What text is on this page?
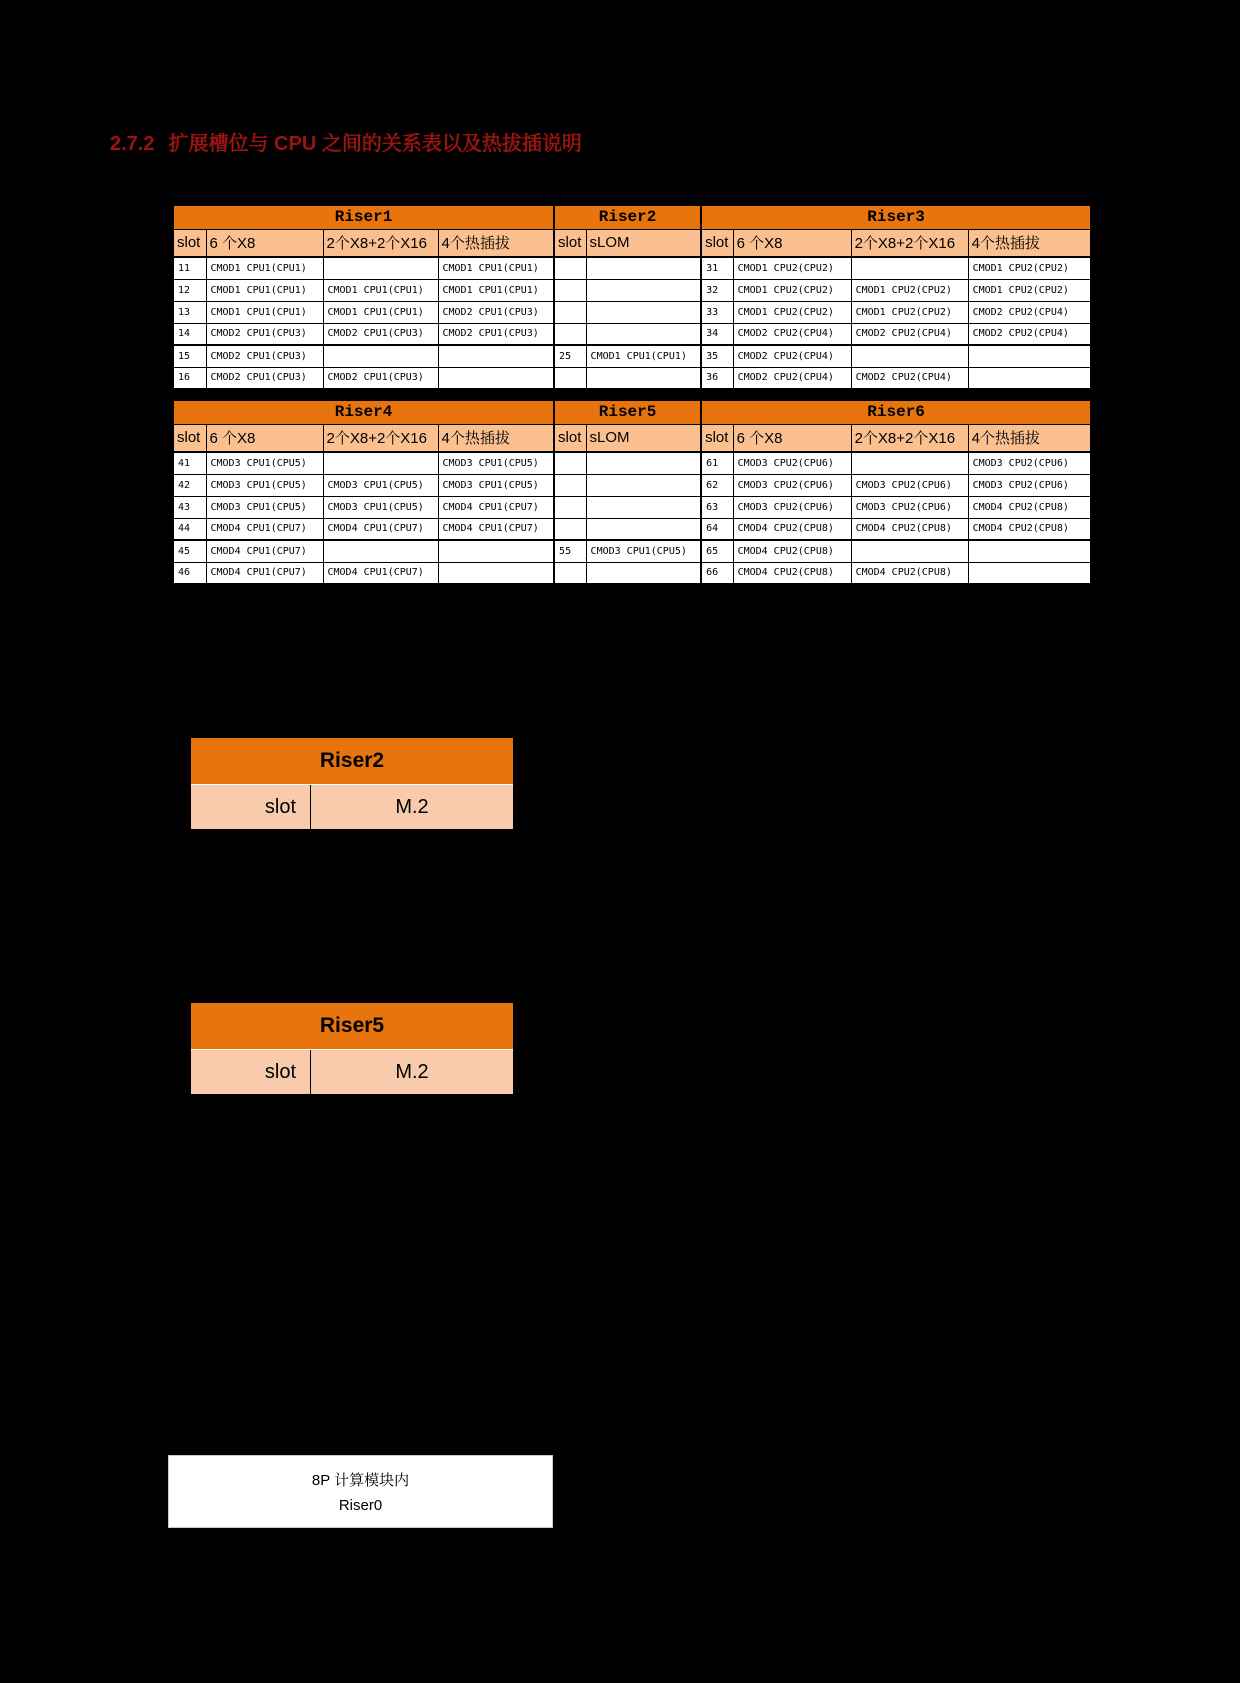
2.7.2 扩展槽位与 CPU 之间的关系表以及热拔插说明
Riser1				Riser2		Riser3			
slot	6 个X8	2个X8+2个X16	4个热插拔	slot	sLOM	slot	6 个X8	2个X8+2个X16	4个热插拔
11	CMOD1 CPU1(CPU1)		CMOD1 CPU1(CPU1)			31	CMOD1 CPU2(CPU2)		CMOD1 CPU2(CPU2)
12	CMOD1 CPU1(CPU1)	CMOD1 CPU1(CPU1)	CMOD1 CPU1(CPU1)			32	CMOD1 CPU2(CPU2)	CMOD1 CPU2(CPU2)	CMOD1 CPU2(CPU2)
13	CMOD1 CPU1(CPU1)	CMOD1 CPU1(CPU1)	CMOD2 CPU1(CPU3)			33	CMOD1 CPU2(CPU2)	CMOD1 CPU2(CPU2)	CMOD2 CPU2(CPU4)
14	CMOD2 CPU1(CPU3)	CMOD2 CPU1(CPU3)	CMOD2 CPU1(CPU3)			34	CMOD2 CPU2(CPU4)	CMOD2 CPU2(CPU4)	CMOD2 CPU2(CPU4)
15	CMOD2 CPU1(CPU3)			25	CMOD1 CPU1(CPU1)	35	CMOD2 CPU2(CPU4)		
16	CMOD2 CPU1(CPU3)	CMOD2 CPU1(CPU3)				36	CMOD2 CPU2(CPU4)	CMOD2 CPU2(CPU4)	
Riser4				Riser5		Riser6			
slot	6 个X8	2个X8+2个X16	4个热插拔	slot	sLOM	slot	6 个X8	2个X8+2个X16	4个热插拔
41	CMOD3 CPU1(CPU5)		CMOD3 CPU1(CPU5)			61	CMOD3 CPU2(CPU6)		CMOD3 CPU2(CPU6)
42	CMOD3 CPU1(CPU5)	CMOD3 CPU1(CPU5)	CMOD3 CPU1(CPU5)			62	CMOD3 CPU2(CPU6)	CMOD3 CPU2(CPU6)	CMOD3 CPU2(CPU6)
43	CMOD3 CPU1(CPU5)	CMOD3 CPU1(CPU5)	CMOD4 CPU1(CPU7)			63	CMOD3 CPU2(CPU6)	CMOD3 CPU2(CPU6)	CMOD4 CPU2(CPU8)
44	CMOD4 CPU1(CPU7)	CMOD4 CPU1(CPU7)	CMOD4 CPU1(CPU7)			64	CMOD4 CPU2(CPU8)	CMOD4 CPU2(CPU8)	CMOD4 CPU2(CPU8)
45	CMOD4 CPU1(CPU7)			55	CMOD3 CPU1(CPU5)	65	CMOD4 CPU2(CPU8)		
46	CMOD4 CPU1(CPU7)	CMOD4 CPU1(CPU7)				66	CMOD4 CPU2(CPU8)	CMOD4 CPU2(CPU8)	
Riser2
slot	M.2
Riser5
slot	M.2
8P 计算模块内
Riser0
